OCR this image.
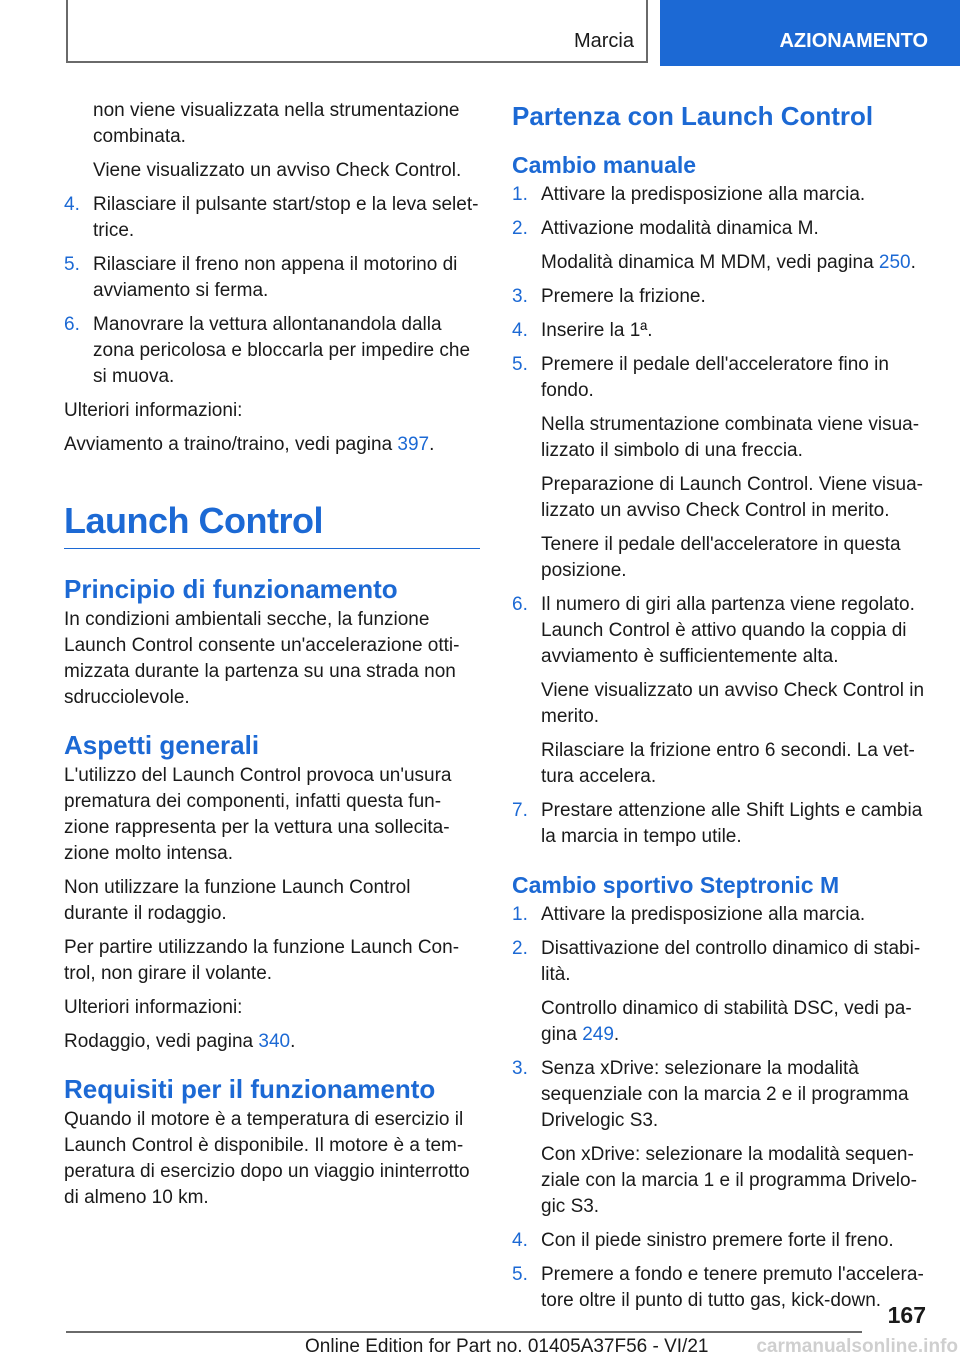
Marcia	AZIONAMENTO

non viene visualizzata nella strumentazione combinata.

Viene visualizzato un avviso Check Control.

4. Rilasciare il pulsante start/stop e la leva selettrice.
5. Rilasciare il freno non appena il motorino di avviamento si ferma.
6. Manovrare la vettura allontanandola dalla zona pericolosa e bloccarla per impedire che si muova.

Ulteriori informazioni:

Avviamento a traino/traino, vedi pagina 397.

Launch Control
Principio di funzionamento

In condizioni ambientali secche, la funzione Launch Control consente un'accelerazione ottimizzata durante la partenza su una strada non sdrucciolevole.

Aspetti generali

L'utilizzo del Launch Control provoca un'usura prematura dei componenti, infatti questa funzione rappresenta per la vettura una sollecitazione molto intensa.

Non utilizzare la funzione Launch Control durante il rodaggio.

Per partire utilizzando la funzione Launch Control, non girare il volante.

Ulteriori informazioni:

Rodaggio, vedi pagina 340.

Requisiti per il funzionamento

Quando il motore è a temperatura di esercizio il Launch Control è disponibile. Il motore è a temperatura di esercizio dopo un viaggio ininterrotto di almeno 10 km.

Partenza con Launch Control
Cambio manuale
1. Attivare la predisposizione alla marcia.
2. Attivazione modalità dinamica M.
Modalità dinamica M MDM, vedi pagina 250.
3. Premere la frizione.
4. Inserire la 1ª.
5. Premere il pedale dell'acceleratore fino in fondo.
Nella strumentazione combinata viene visualizzato il simbolo di una freccia.
Preparazione di Launch Control. Viene visualizzato un avviso Check Control in merito.
Tenere il pedale dell'acceleratore in questa posizione.
6. Il numero di giri alla partenza viene regolato. Launch Control è attivo quando la coppia di avviamento è sufficientemente alta.
Viene visualizzato un avviso Check Control in merito.
Rilasciare la frizione entro 6 secondi. La vettura accelera.
7. Prestare attenzione alle Shift Lights e cambia la marcia in tempo utile.
Cambio sportivo Steptronic M
1. Attivare la predisposizione alla marcia.
2. Disattivazione del controllo dinamico di stabilità.
Controllo dinamico di stabilità DSC, vedi pagina 249.
3. Senza xDrive: selezionare la modalità sequenziale con la marcia 2 e il programma Drivelogic S3.
Con xDrive: selezionare la modalità sequenziale con la marcia 1 e il programma Drivelogic S3.
4. Con il piede sinistro premere forte il freno.
5. Premere a fondo e tenere premuto l'acceleratore oltre il punto di tutto gas, kick-down.
167
Online Edition for Part no. 01405A37F56 - VI/21	carmanualsonline.info
